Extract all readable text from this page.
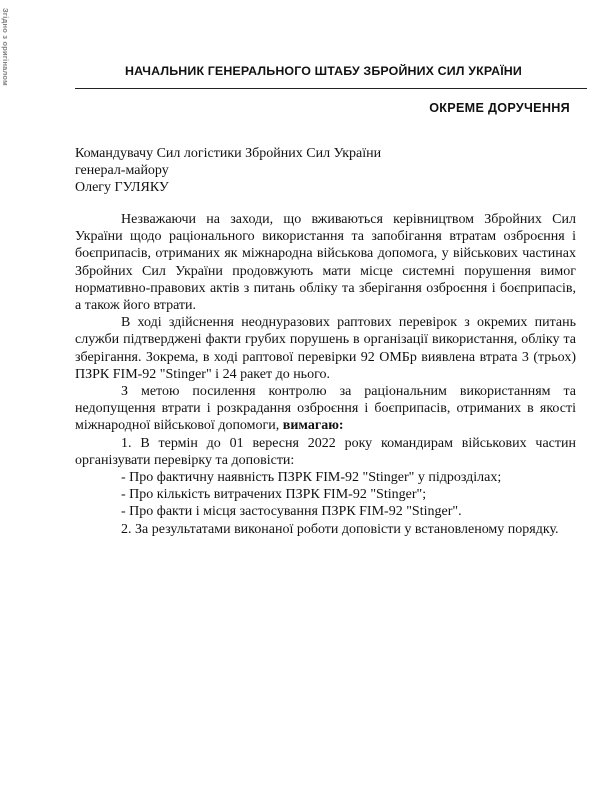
Згідно з оригіналом	НАЧАЛЬНИК ГЕНЕРАЛЬНОГО ШТАБУ ЗБРОЙНИХ СИЛ УКРАЇНИ
ОКРЕМЕ ДОРУЧЕННЯ
Командувачу Сил логістики Збройних Сил України
генерал-майору
Олегу ГУЛЯКУ

Незважаючи на заходи, що вживаються керівництвом Збройних Сил України щодо раціонального використання та запобігання втратам озброєння і боєприпасів, отриманих як міжнародна військова допомога, у військових частинах Збройних Сил України продовжують мати місце системні порушення вимог нормативно-правових актів з питань обліку та зберігання озброєння і боєприпасів, а також його втрати.

В ході здійснення неоднуразових раптових перевірок з окремих питань служби підтверджені факти грубих порушень в організації використання, обліку та зберігання. Зокрема, в ході раптової перевірки 92 ОМБр виявлена втрата 3 (трьох) ПЗРК FIM-92 "Stinger" і 24 ракет до нього.

З метою посилення контролю за раціональним використанням та недопущення втрати і розкрадання озброєння і боєприпасів, отриманих в якості міжнародної військової допомоги, вимагаю:

1. В термін до 01 вересня 2022 року командирам військових частин організувати перевірку та доповісти:

- Про фактичну наявність ПЗРК FIM-92 "Stinger" у підрозділах;
- Про кількість витрачених ПЗРК FIM-92 "Stinger";
- Про факти і місця застосування ПЗРК FIM-92 "Stinger".

2. За результатами виконаної роботи доповісти у встановленому порядку.
